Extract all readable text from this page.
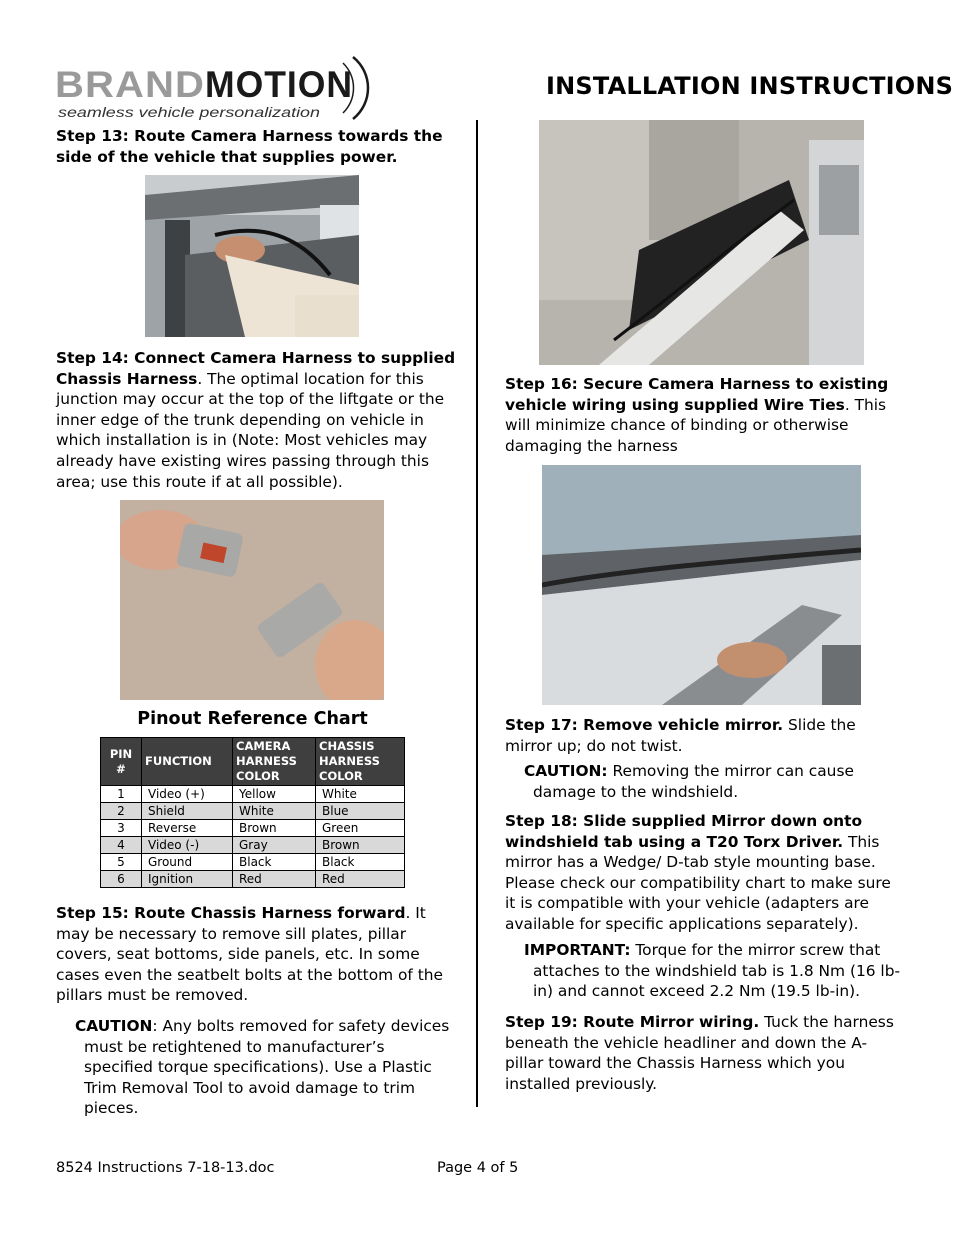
BRAND MOTION
seamless vehicle personalization
INSTALLATION INSTRUCTIONS

Step 13: Route Camera Harness towards the side of the vehicle that supplies power.

Step 14: Connect Camera Harness to supplied Chassis Harness. The optimal location for this junction may occur at the top of the liftgate or the inner edge of the trunk depending on vehicle in which installation is in (Note: Most vehicles may already have existing wires passing through this area; use this route if at all possible).

Pinout Reference Chart
PIN #	FUNCTION	CAMERA HARNESS COLOR	CHASSIS HARNESS COLOR
1	Video (+)	Yellow	White
2	Shield	White	Blue
3	Reverse	Brown	Green
4	Video (-)	Gray	Brown
5	Ground	Black	Black
6	Ignition	Red	Red

Step 15: Route Chassis Harness forward. It may be necessary to remove sill plates, pillar covers, seat bottoms, side panels, etc. In some cases even the seatbelt bolts at the bottom of the pillars must be removed.

CAUTION: Any bolts removed for safety devices must be retightened to manufacturer’s specified torque specifications). Use a Plastic Trim Removal Tool to avoid damage to trim pieces.

Step 16: Secure Camera Harness to existing vehicle wiring using supplied Wire Ties. This will minimize chance of binding or otherwise damaging the harness

Step 17: Remove vehicle mirror. Slide the mirror up; do not twist.

CAUTION: Removing the mirror can cause damage to the windshield.

Step 18: Slide supplied Mirror down onto windshield tab using a T20 Torx Driver. This mirror has a Wedge/ D-tab style mounting base. Please check our compatibility chart to make sure it is compatible with your vehicle (adapters are available for specific applications separately).

IMPORTANT: Torque for the mirror screw that attaches to the windshield tab is 1.8 Nm (16 lb-in) and cannot exceed 2.2 Nm (19.5 lb-in).

Step 19: Route Mirror wiring. Tuck the harness beneath the vehicle headliner and down the A-pillar toward the Chassis Harness which you installed previously.

8524 Instructions 7-18-13.doc	Page 4 of 5
